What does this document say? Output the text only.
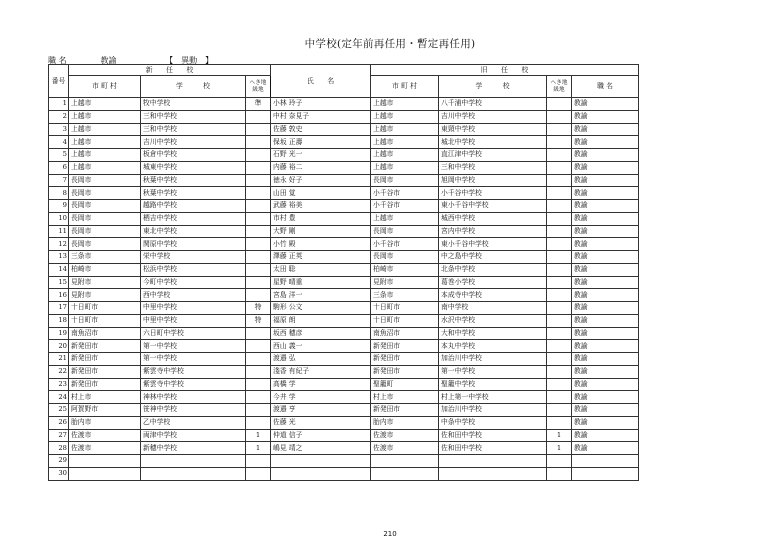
中学校(定年前再任用・暫定再任用)
職 名	教諭	【　異動　】
番号	新　　任　　校			氏　　名	旧　　任　　校			
	市 町 村	学　　　校	へき地級地		市 町 村	学　　　校	へき地級地	職 名
1	上越市	牧中学校	準	小林 玲子	上越市	八千浦中学校		教諭
2	上越市	三和中学校		中村 奈見子	上越市	吉川中学校		教諭
3	上越市	三和中学校		佐藤 敦史	上越市	東頸中学校		教諭
4	上越市	吉川中学校		保坂 正壽	上越市	城北中学校		教諭
5	上越市	板倉中学校		石野 光一	上越市	直江津中学校		教諭
6	上越市	城東中学校		内藤 裕二	上越市	三和中学校		教諭
7	長岡市	秋葉中学校		徳永 好子	長岡市	旭岡中学校		教諭
8	長岡市	秋葉中学校		山田 覚	小千谷市	小千谷中学校		教諭
9	長岡市	越路中学校		武藤 裕美	小千谷市	東小千谷中学校		教諭
10	長岡市	栖吉中学校		市村 豊	上越市	城西中学校		教諭
11	長岡市	東北中学校		大野 剛	長岡市	宮内中学校		教諭
12	長岡市	関原中学校		小竹 殿	小千谷市	東小千谷中学校		教諭
13	三条市	栄中学校		澤藤 正英	長岡市	中之島中学校		教諭
14	柏崎市	松浜中学校		太田 聡	柏崎市	北条中学校		教諭
15	見附市	今町中学校		星野 晴重	見附市	葛巻小学校		教諭
16	見附市	西中学校		宮島 洋一	三条市	本成寺中学校		教諭
17	十日町市	中里中学校	特	駒形 公文	十日町市	南中学校		教諭
18	十日町市	中里中学校	特	福原 朗	十日町市	水沢中学校		教諭
19	南魚沼市	六日町中学校		坂西 穂彦	南魚沼市	大和中学校		教諭
20	新発田市	第一中学校		西山 義一	新発田市	本丸中学校		教諭
21	新発田市	第一中学校		渡邉 弘	新発田市	加治川中学校		教諭
22	新発田市	紫雲寺中学校		淺香 有紀子	新発田市	第一中学校		教諭
23	新発田市	紫雲寺中学校		高橋 学	聖籠町	聖籠中学校		教諭
24	村上市	神林中学校		今井 学	村上市	村上第一中学校		教諭
25	阿賀野市	笹神中学校		渡邉 亨	新発田市	加治川中学校		教諭
26	胎内市	乙中学校		佐藤 光	胎内市	中条中学校		教諭
27	佐渡市	両津中学校	1	仲道 信子	佐渡市	佐和田中学校	1	教諭
28	佐渡市	新穂中学校	1	嶋見 靖之	佐渡市	佐和田中学校	1	教諭
29								
30								
210
